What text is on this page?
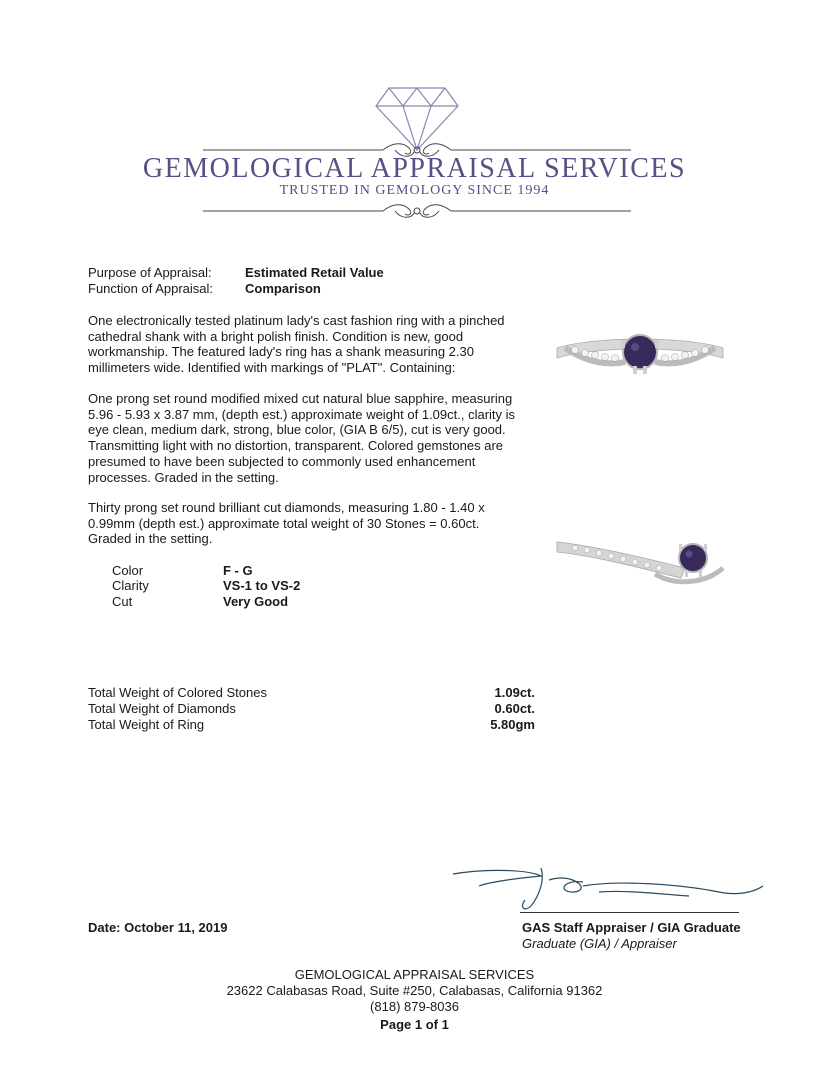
GEMOLOGICAL APPRAISAL SERVICES
TRUSTED IN GEMOLOGY SINCE 1994
Purpose of Appraisal:	Estimated Retail Value
Function of Appraisal: Comparison

One electronically tested platinum lady's cast fashion ring with a pinched cathedral shank with a bright polish finish. Condition is new, good workmanship. The featured lady's ring has a shank measuring 2.30 millimeters wide. Identified with markings of "PLAT". Containing:

One prong set round modified mixed cut natural blue sapphire, measuring 5.96 - 5.93 x 3.87 mm, (depth est.) approximate weight of 1.09ct., clarity is eye clean, medium dark, strong, blue color, (GIA B 6/5), cut is very good. Transmitting light with no distortion, transparent. Colored gemstones are presumed to have been subjected to commonly used enhancement processes. Graded in the setting.

Thirty prong set round brilliant cut diamonds, measuring 1.80 - 1.40 x 0.99mm (depth est.) approximate total weight of 30 Stones = 0.60ct. Graded in the setting.

Color	F - G
Clarity	VS-1 to VS-2
Cut	Very Good
Total Weight of Colored Stones	1.09ct.
Total Weight of Diamonds	0.60ct.
Total Weight of Ring	5.80gm
Date: October 11, 2019	GAS Staff Appraiser / GIA Graduate
Graduate (GIA) / Appraiser
GEMOLOGICAL APPRAISAL SERVICES
23622 Calabasas Road, Suite #250, Calabasas, California 91362
(818) 879-8036
Page 1 of 1
